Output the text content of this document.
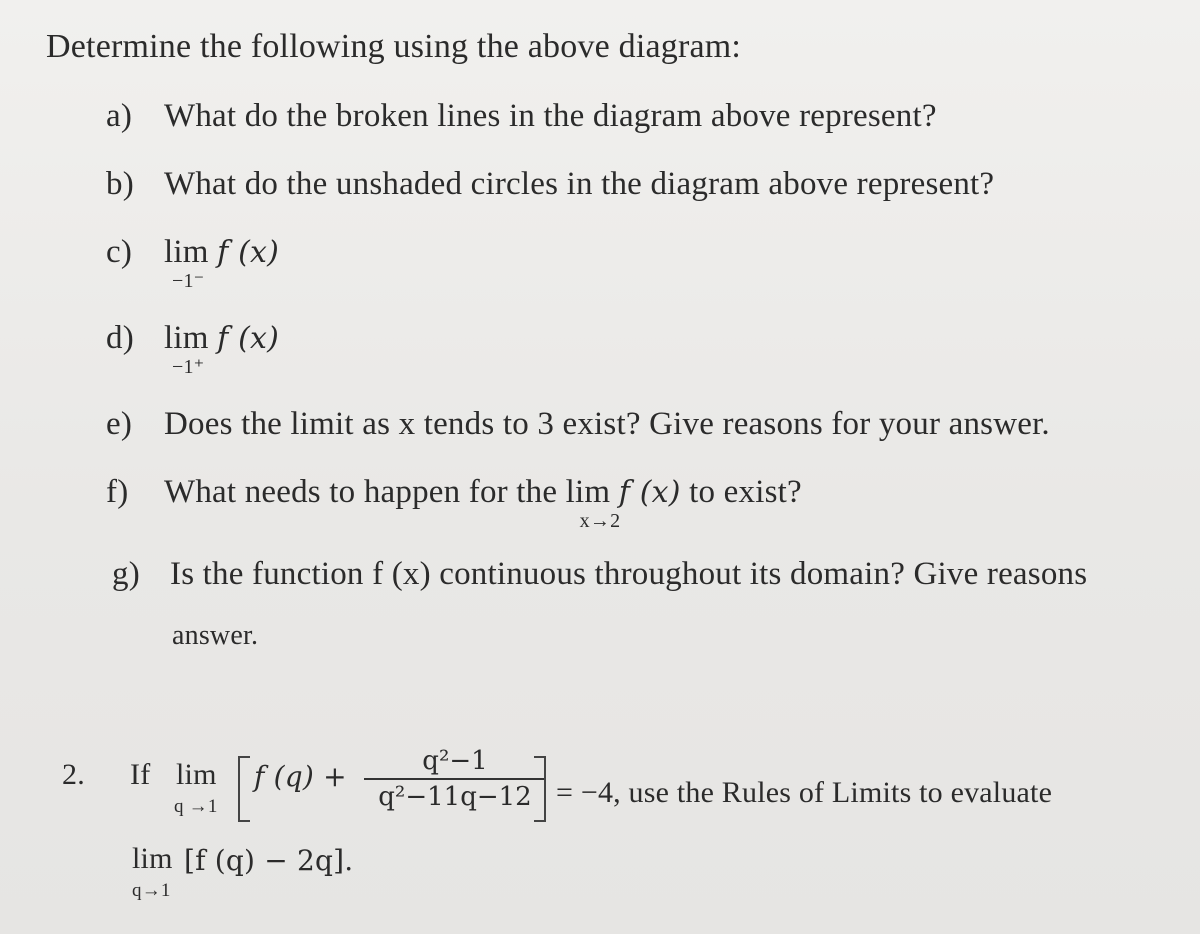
Determine the following using the above diagram:
a) What do the broken lines in the diagram above represent?
b) What do the unshaded circles in the diagram above represent?
c) lim
−1⁻
f (x)
d) lim
−1⁺
f (x)
e) Does the limit as x tends to 3 exist? Give reasons for your answer.
f) What needs to happen for the lim
x→2
f (x) to exist?
g) Is the function f (x) continuous throughout its domain? Give reasons
answer.
2. If lim
q →1
f (q) +	q²−1
q²−11q−12 = −4, use the Rules of Limits to evaluate
lim
q→1
[f (q) − 2q].
